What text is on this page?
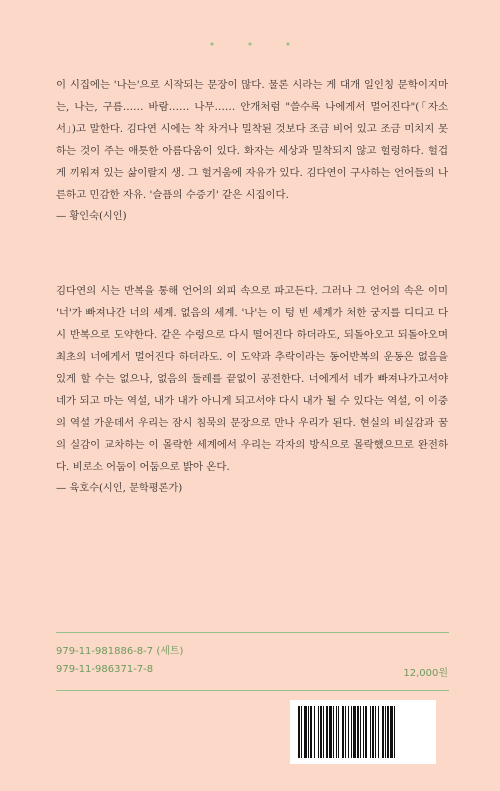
• • •
이 시집에는 '나는'으로 시작되는 문장이 많다. 물론 시라는 게 대개 일인칭 문학이지마는, 나는, 구름…… 바람…… 나무…… 안개처럼 "쓸수록 나에게서 멀어진다"(「자소서」)고 말한다. 김다연 시에는 착 차거나 밀착된 것보다 조금 비어 있고 조금 미치지 못하는 것이 주는 애틋한 아름다움이 있다. 화자는 세상과 밀착되지 않고 헐렁하다. 헐겁게 끼워져 있는 삶이랄지 생. 그 헐거움에 자유가 있다. 김다연이 구사하는 언어들의 나른하고 민감한 자유. '슬픔의 수증기' 같은 시집이다.
— 황인숙(시인)
김다연의 시는 반복을 통해 언어의 외피 속으로 파고든다. 그러나 그 언어의 속은 이미 '너'가 빠져나간 너의 세계. 없음의 세계. '나'는 이 텅 빈 세계가 처한 궁지를 디디고 다시 반복으로 도약한다. 같은 수렁으로 다시 떨어진다 하더라도, 되돌아오고 되돌아오며 최초의 너에게서 멀어진다 하더라도. 이 도약과 추락이라는 동어반복의 운동은 없음을 있게 할 수는 없으나, 없음의 둘레를 끝없이 공전한다. 너에게서 네가 빠져나가고서야 네가 되고 마는 역설, 내가 내가 아니게 되고서야 다시 내가 될 수 있다는 역설, 이 이중의 역설 가운데서 우리는 잠시 침묵의 문장으로 만나 우리가 된다. 현실의 비실감과 꿈의 실감이 교차하는 이 몰락한 세계에서 우리는 각자의 방식으로 몰락했으므로 완전하다. 비로소 어둠이 어둠으로 밝아 온다.
— 육호수(시인, 문학평론가)
979-11-981886-8-7 (세트)
979-11-986371-7-8	12,000원
